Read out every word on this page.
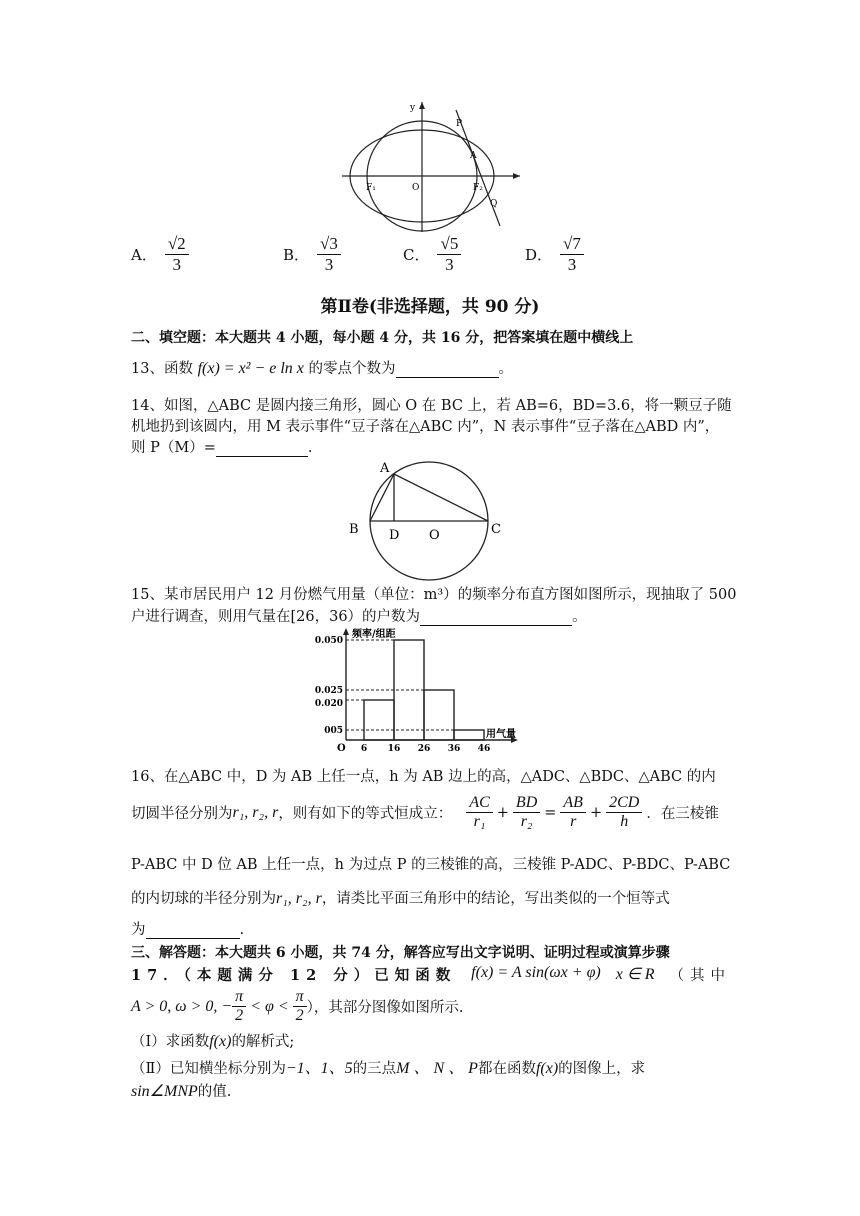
y
P
A
F₁	O	F₂
Q
A． $\frac{√2}{3}$	B． $\frac{√3}{3}$	C． $\frac{√5}{3}$	D． $\frac{√7}{3}$
第Ⅱ卷(非选择题，共 90 分)
二、填空题：本大题共 4 小题，每小题 4 分，共 16 分，把答案填在题中横线上
13、函数 f(x) = x² − e ln x 的零点个数为	。
14、如图，△ABC 是圆内接三角形，圆心 O 在 BC 上，若 AB=6，BD=3.6，将一颗豆子随
机地扔到该圆内，用 M 表示事件“豆子落在△ABC 内”，N 表示事件“豆子落在△ABD 内”，
则 P（M）=	.
A
B D O	C
15、某市居民用户 12 月份燃气用量（单位：m³）的频率分布直方图如图所示，现抽取了 500
户进行调查，则用气量在[26，36）的户数为	。
0.050
0.025
0.020
005
6 16 26 36 46
O
频率/组距
用气量
16、在△ABC 中，D 为 AB 上任一点，h 为 AB 边上的高，△ADC、△BDC、△ABC 的内
切圆半径分别为 r₁, r₂, r ，则有如下的等式恒成立： $\frac{AC}{\text{r₁}} + \frac{BD}{\text{r₂}} = \frac{AB}{r} + \frac{2CD}{h}$ ．在三棱锥
P-ABC 中 D 位 AB 上任一点，h 为过点 P 的三棱锥的高，三棱锥 P-ADC、P-BDC、P-ABC
的内切球的半径分别为r₁, r₂, r，请类比平面三角形中的结论，写出类似的一个恒等式
为	.
三、解答题：本大题共 6 小题，共 74 分，解答应写出文字说明、证明过程或演算步骤
17．（本题满分 12 分）已知函数 f(x) = A sin(ωx + φ) x ∈ R （其中
A > 0, ω > 0, − $\frac{\pi}{2} < \varphi < \frac{\pi}{2}$ ），其部分图像如图所示.
（Ⅰ）求函数f(x)的解析式;
（Ⅱ）已知横坐标分别为−1、1、5的三点M 、 N 、 P都在函数f(x)的图像上，求
sin∠MNP的值.
